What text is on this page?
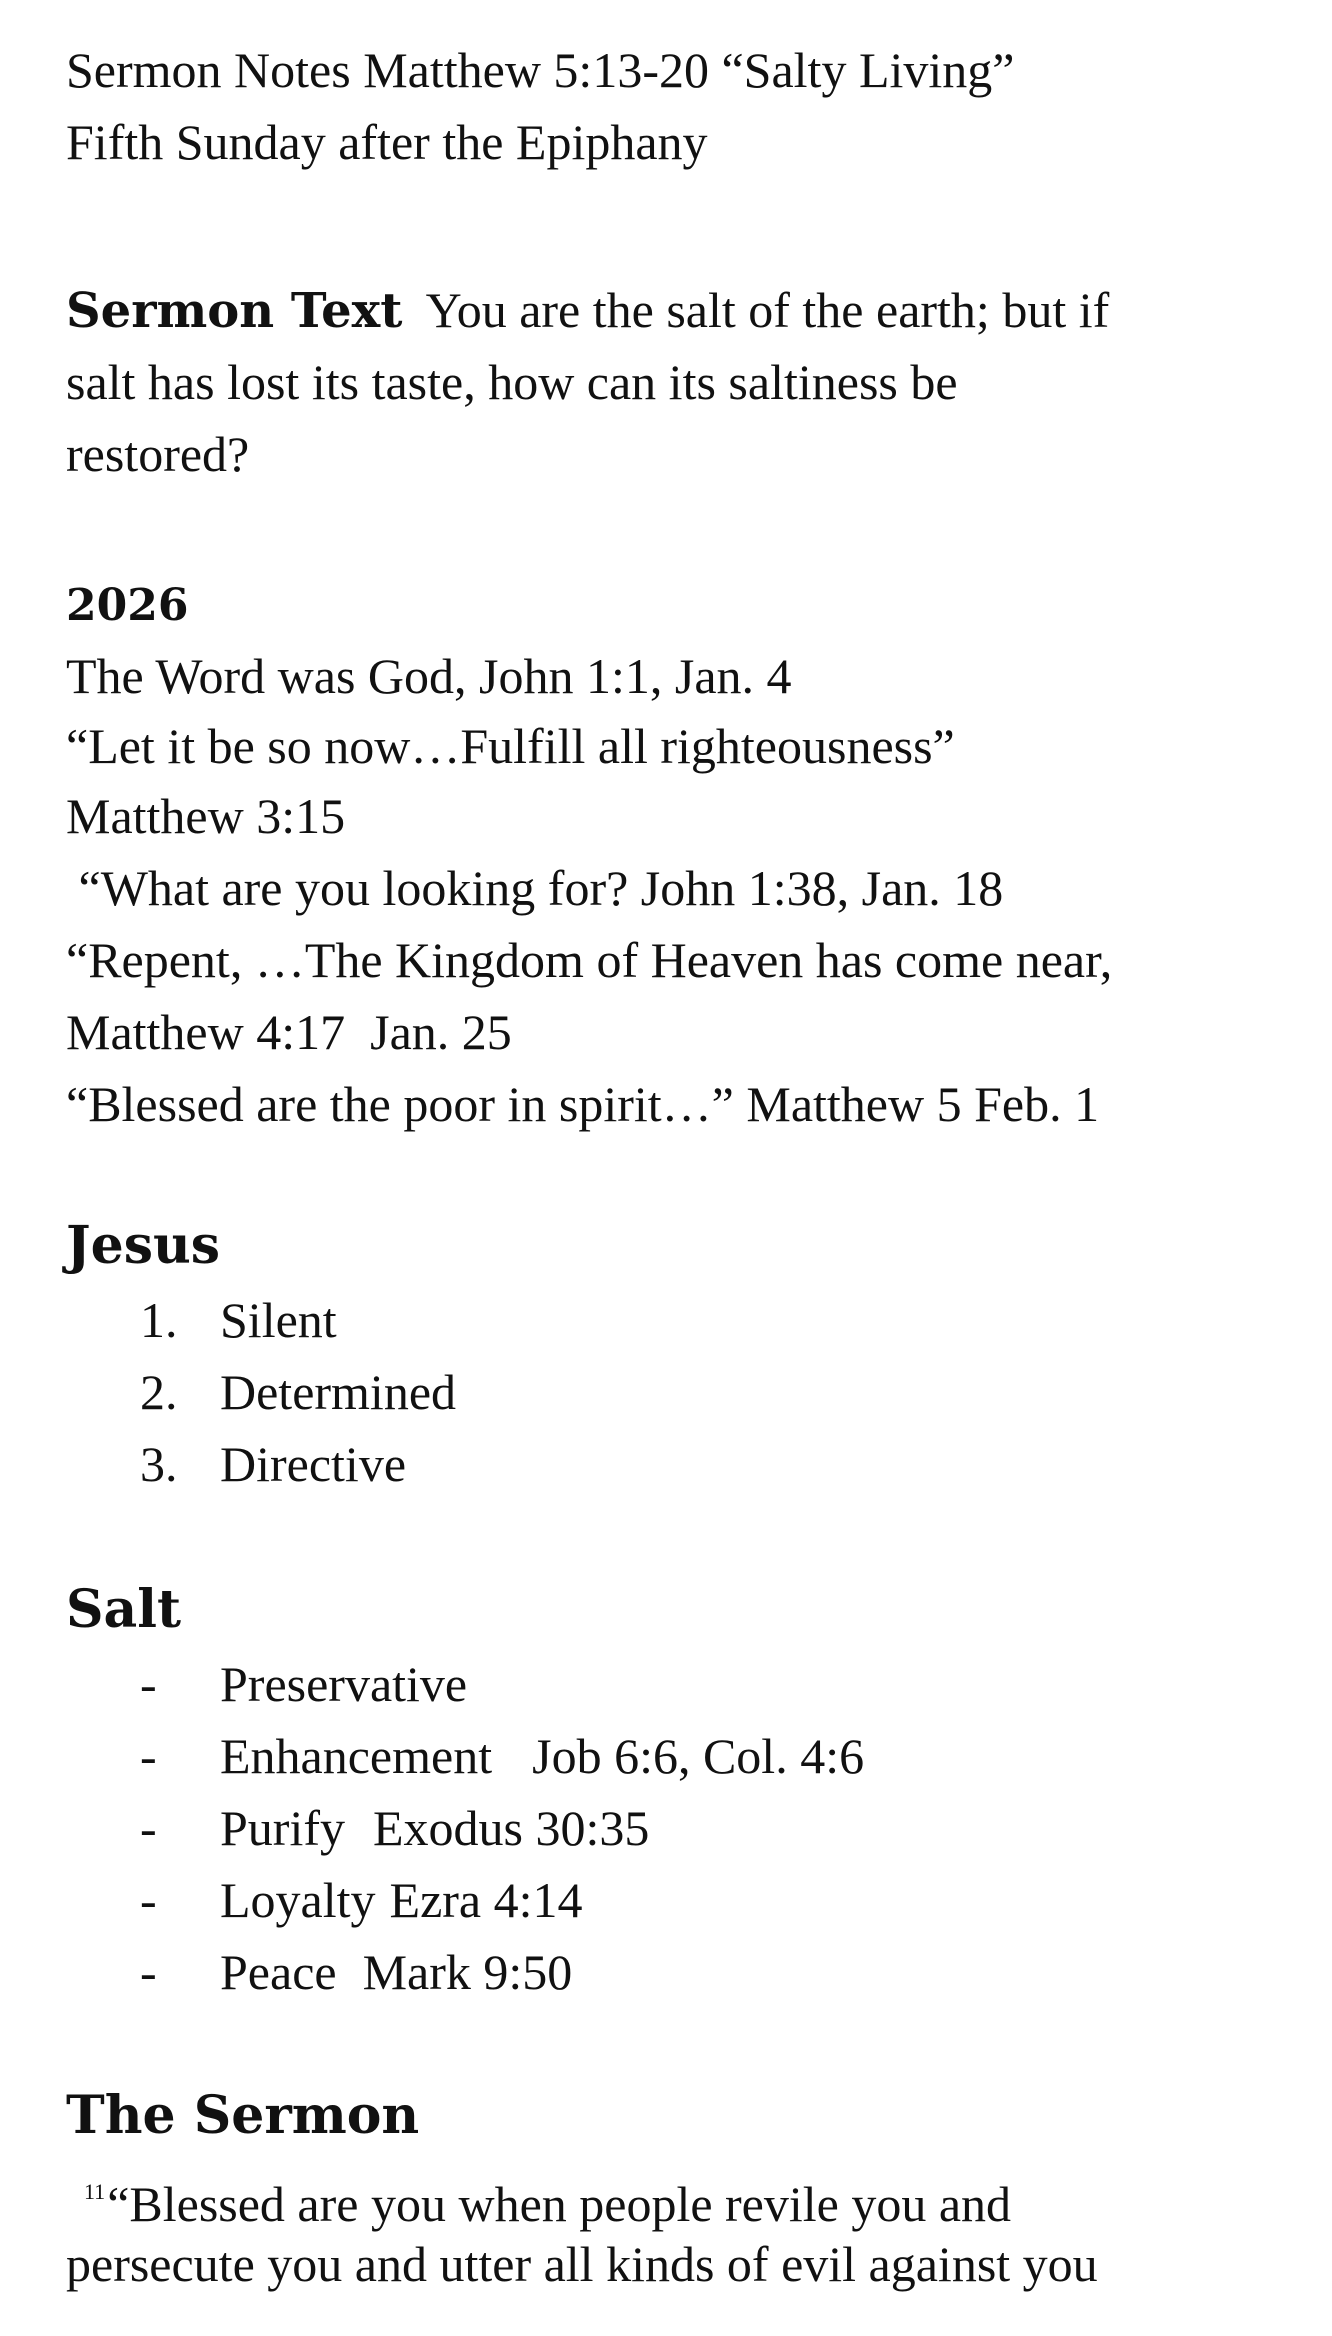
Sermon Notes Matthew 5:13-20 “Salty Living”

Fifth Sunday after the Epiphany

Sermon Text You are the salt of the earth; but if

salt has lost its taste, how can its saltiness be

restored?

2026

The Word was God, John 1:1, Jan. 4

“Let it be so now…Fulfill all righteousness”

Matthew 3:15

“What are you looking for? John 1:38, Jan. 18

“Repent, …The Kingdom of Heaven has come near,

Matthew 4:17  Jan. 25

“Blessed are the poor in spirit…” Matthew 5 Feb. 1

Jesus

1. Silent
2. Determined
3. Directive

Salt

- Preservative
- Enhancement Job 6:6, Col. 4:6
- Purify Exodus 30:35
- Loyalty Ezra 4:14
- Peace Mark 9:50

The Sermon

$^{11}$“Blessed are you when people revile you and

persecute you and utter all kinds of evil against you
